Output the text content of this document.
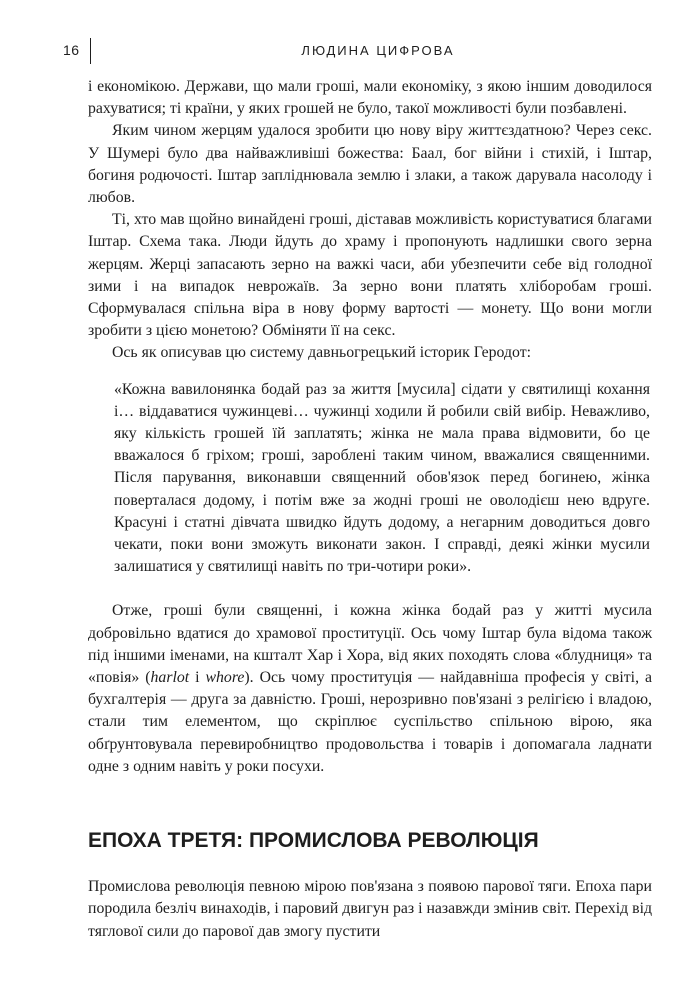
16	ЛЮДИНА ЦИФРОВА

і економікою. Держави, що мали гроші, мали економіку, з якою іншим доводилося рахуватися; ті країни, у яких грошей не було, такої можливості були позбавлені.

Яким чином жерцям удалося зробити цю нову віру життєздатною? Через секс. У Шумері було два найважливіші божества: Баал, бог війни і стихій, і Іштар, богиня родючості. Іштар запліднювала землю і злаки, а також дарувала насолоду і любов.

Ті, хто мав щойно винайдені гроші, діставав можливість користуватися благами Іштар. Схема така. Люди йдуть до храму і пропонують надлишки свого зерна жерцям. Жерці запасають зерно на важкі часи, аби убезпечити себе від голодної зими і на випадок неврожаїв. За зерно вони платять хліборобам гроші. Сформувалася спільна віра в нову форму вартості — монету. Що вони могли зробити з цією монетою? Обміняти її на секс.

Ось як описував цю систему давньогрецький історик Геродот:

«Кожна вавилонянка бодай раз за життя [мусила] сідати у святилищі кохання і… віддаватися чужинцеві… чужинці ходили й робили свій вибір. Неважливо, яку кількість грошей їй заплатять; жінка не мала права відмовити, бо це вважалося б гріхом; гроші, зароблені таким чином, вважалися священними. Після парування, виконавши священний обов'язок перед богинею, жінка поверталася додому, і потім вже за жодні гроші не оволодієш нею вдруге. Красуні і статні дівчата швидко йдуть додому, а негарним доводиться довго чекати, поки вони зможуть виконати закон. І справді, деякі жінки мусили залишатися у святилищі навіть по три-чотири роки».

Отже, гроші були священні, і кожна жінка бодай раз у житті мусила добровільно вдатися до храмової проституції. Ось чому Іштар була відома також під іншими іменами, на кшталт Хар і Хора, від яких походять слова «блудниця» та «повія» (harlot і whore). Ось чому проституція — найдавніша професія у світі, а бухгалтерія — друга за давністю. Гроші, нерозривно пов'язані з релігією і владою, стали тим елементом, що скріплює суспільство спільною вірою, яка обґрунтовувала перевиробництво продовольства і товарів і допомагала ладнати одне з одним навіть у роки посухи.

ЕПОХА ТРЕТЯ: ПРОМИСЛОВА РЕВОЛЮЦІЯ

Промислова революція певною мірою пов'язана з появою парової тяги. Епоха пари породила безліч винаходів, і паровий двигун раз і назавжди змінив світ. Перехід від тяглової сили до парової дав змогу пустити
